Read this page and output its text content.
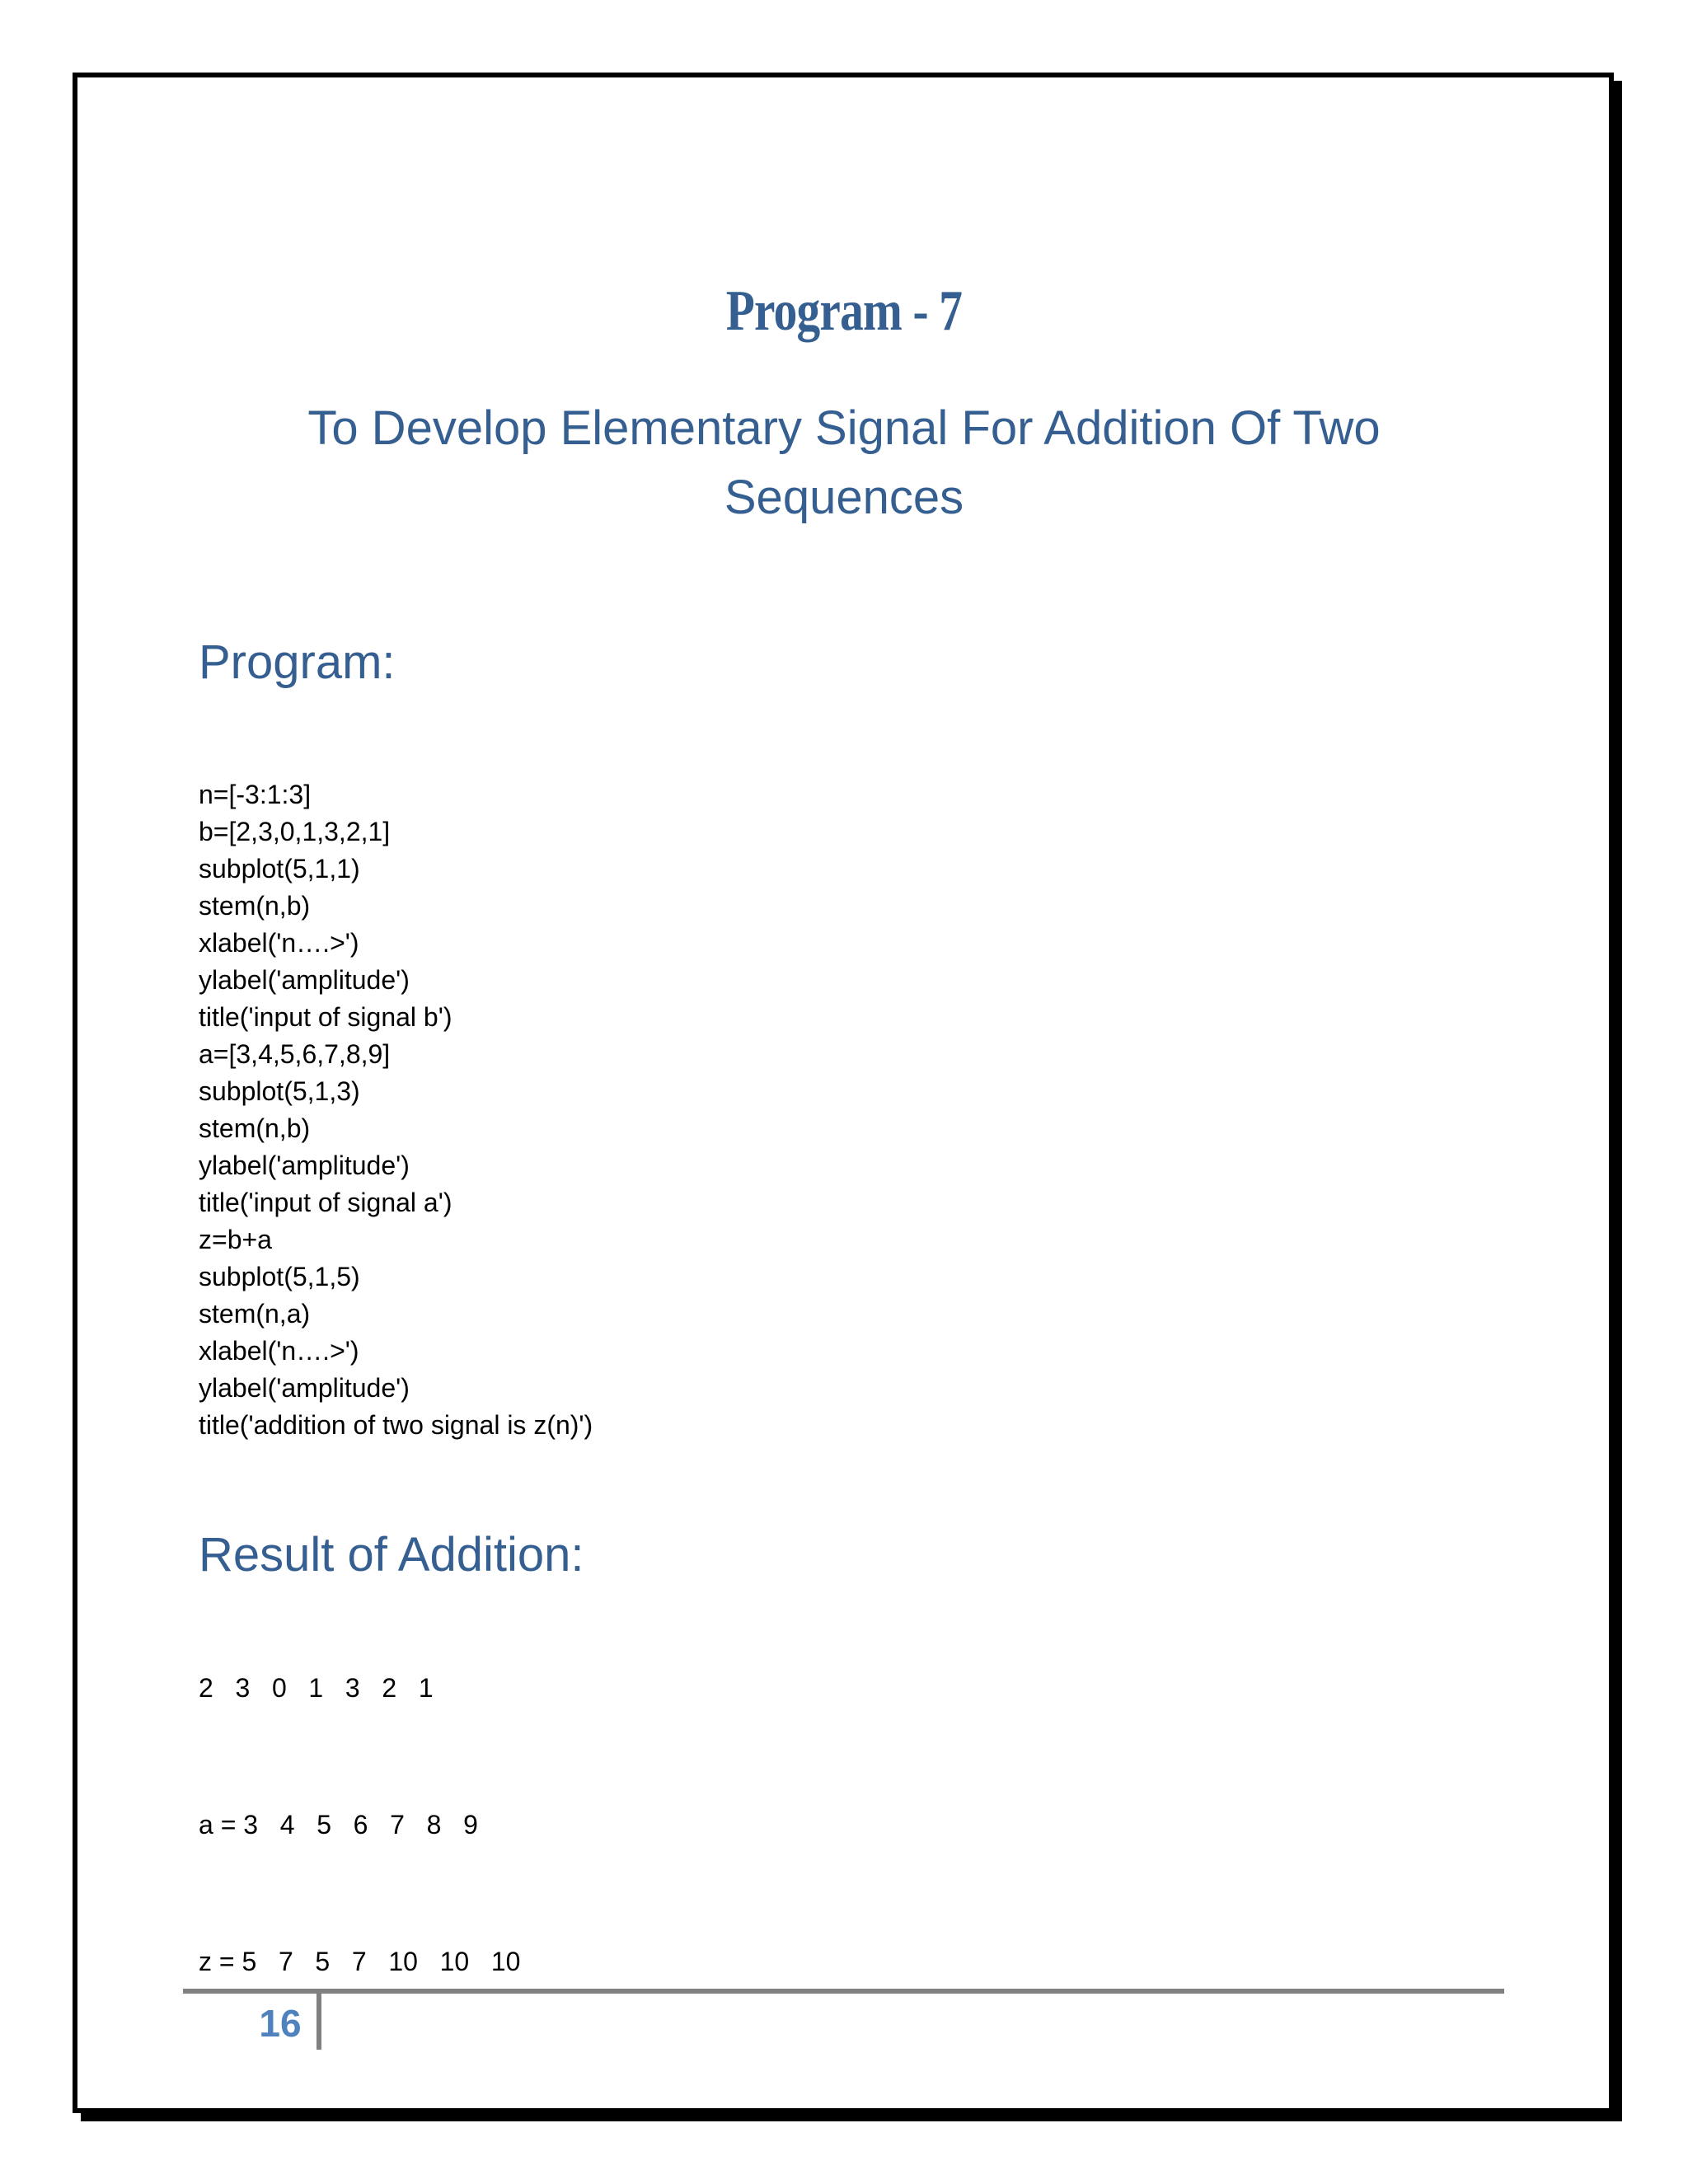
Program - 7
To Develop Elementary Signal For Addition Of Two Sequences
Program:
n=[-3:1:3]
b=[2,3,0,1,3,2,1]
subplot(5,1,1)
stem(n,b)
xlabel('n….>')
ylabel('amplitude')
title('input of signal b')
a=[3,4,5,6,7,8,9]
subplot(5,1,3)
stem(n,b)
ylabel('amplitude')
title('input of signal a')
z=b+a
subplot(5,1,5)
stem(n,a)
xlabel('n….>')
ylabel('amplitude')
title('addition of two signal is z(n)')
Result of Addition:
2   3   0   1   3   2   1
a = 3   4   5   6   7   8   9
z = 5   7   5   7   10   10   10
16
